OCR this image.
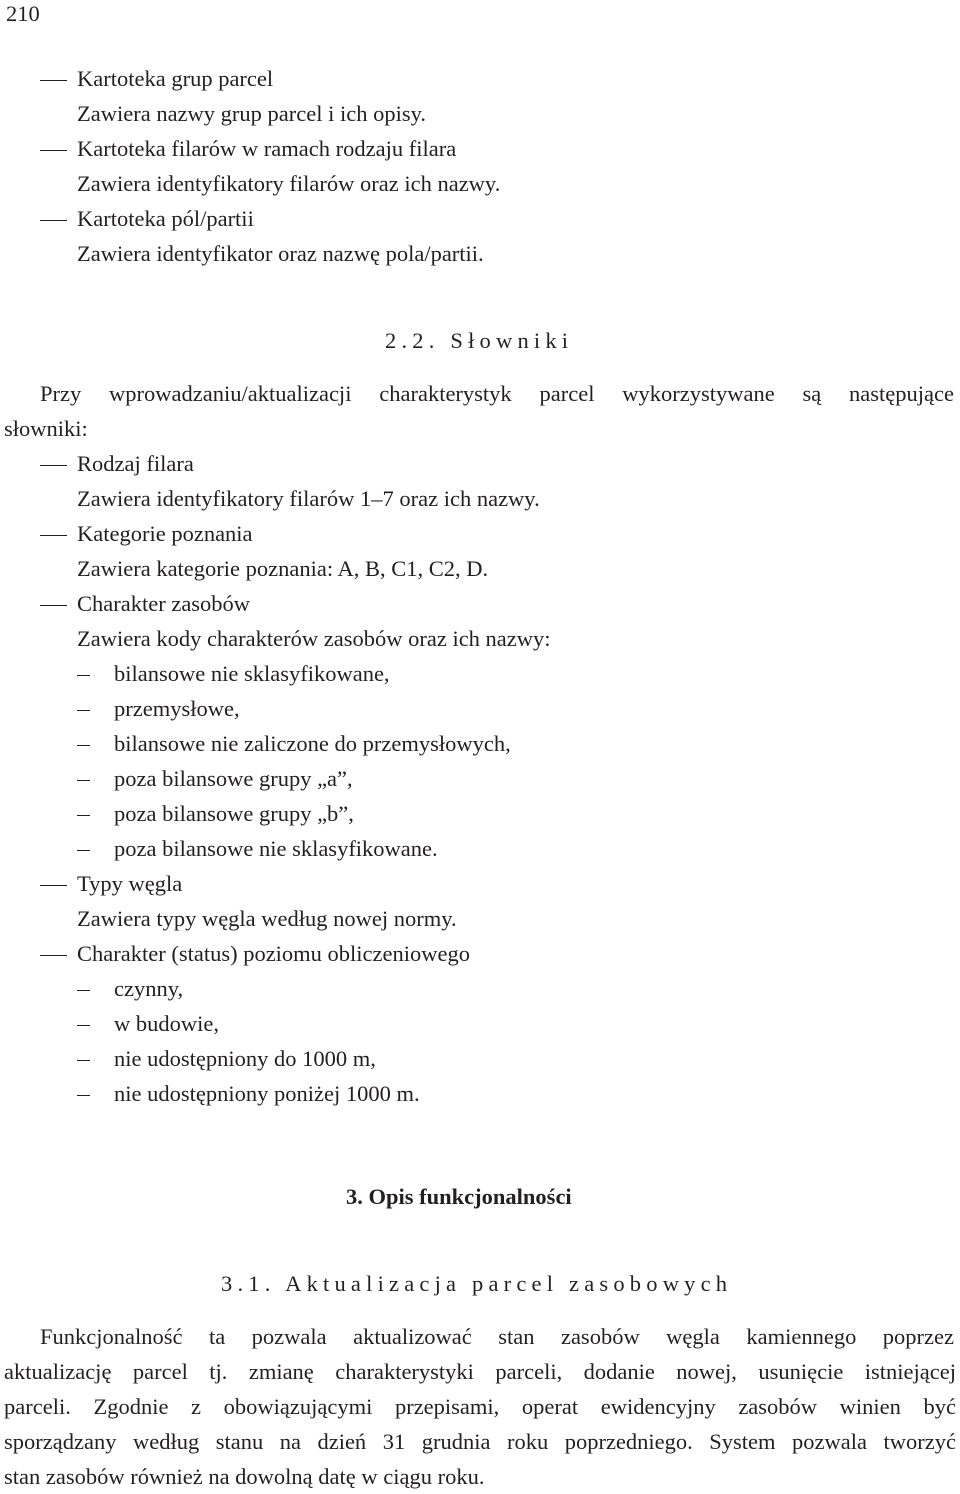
210
Kartoteka grup parcel
Zawiera nazwy grup parcel i ich opisy.
Kartoteka filarów w ramach rodzaju filara
Zawiera identyfikatory filarów oraz ich nazwy.
Kartoteka pól/partii
Zawiera identyfikator oraz nazwę pola/partii.
2.2. Słowniki
Przy wprowadzaniu/aktualizacji charakterystyk parcel wykorzystywane są następujące
słowniki:
Rodzaj filara
Zawiera identyfikatory filarów 1–7 oraz ich nazwy.
Kategorie poznania
Zawiera kategorie poznania: A, B, C1, C2, D.
Charakter zasobów
Zawiera kody charakterów zasobów oraz ich nazwy:
bilansowe nie sklasyfikowane,
przemysłowe,
bilansowe nie zaliczone do przemysłowych,
poza bilansowe grupy „a”,
poza bilansowe grupy „b”,
poza bilansowe nie sklasyfikowane.
Typy węgla
Zawiera typy węgla według nowej normy.
Charakter (status) poziomu obliczeniowego
czynny,
w budowie,
nie udostępniony do 1000 m,
nie udostępniony poniżej 1000 m.
3. Opis funkcjonalności
3.1. Aktualizacja parcel zasobowych
Funkcjonalność ta pozwala aktualizować stan zasobów węgla kamiennego poprzez
aktualizację parcel tj. zmianę charakterystyki parceli, dodanie nowej, usunięcie istniejącej
parceli. Zgodnie z obowiązującymi przepisami, operat ewidencyjny zasobów winien być
sporządzany według stanu na dzień 31 grudnia roku poprzedniego. System pozwala tworzyć
stan zasobów również na dowolną datę w ciągu roku.
